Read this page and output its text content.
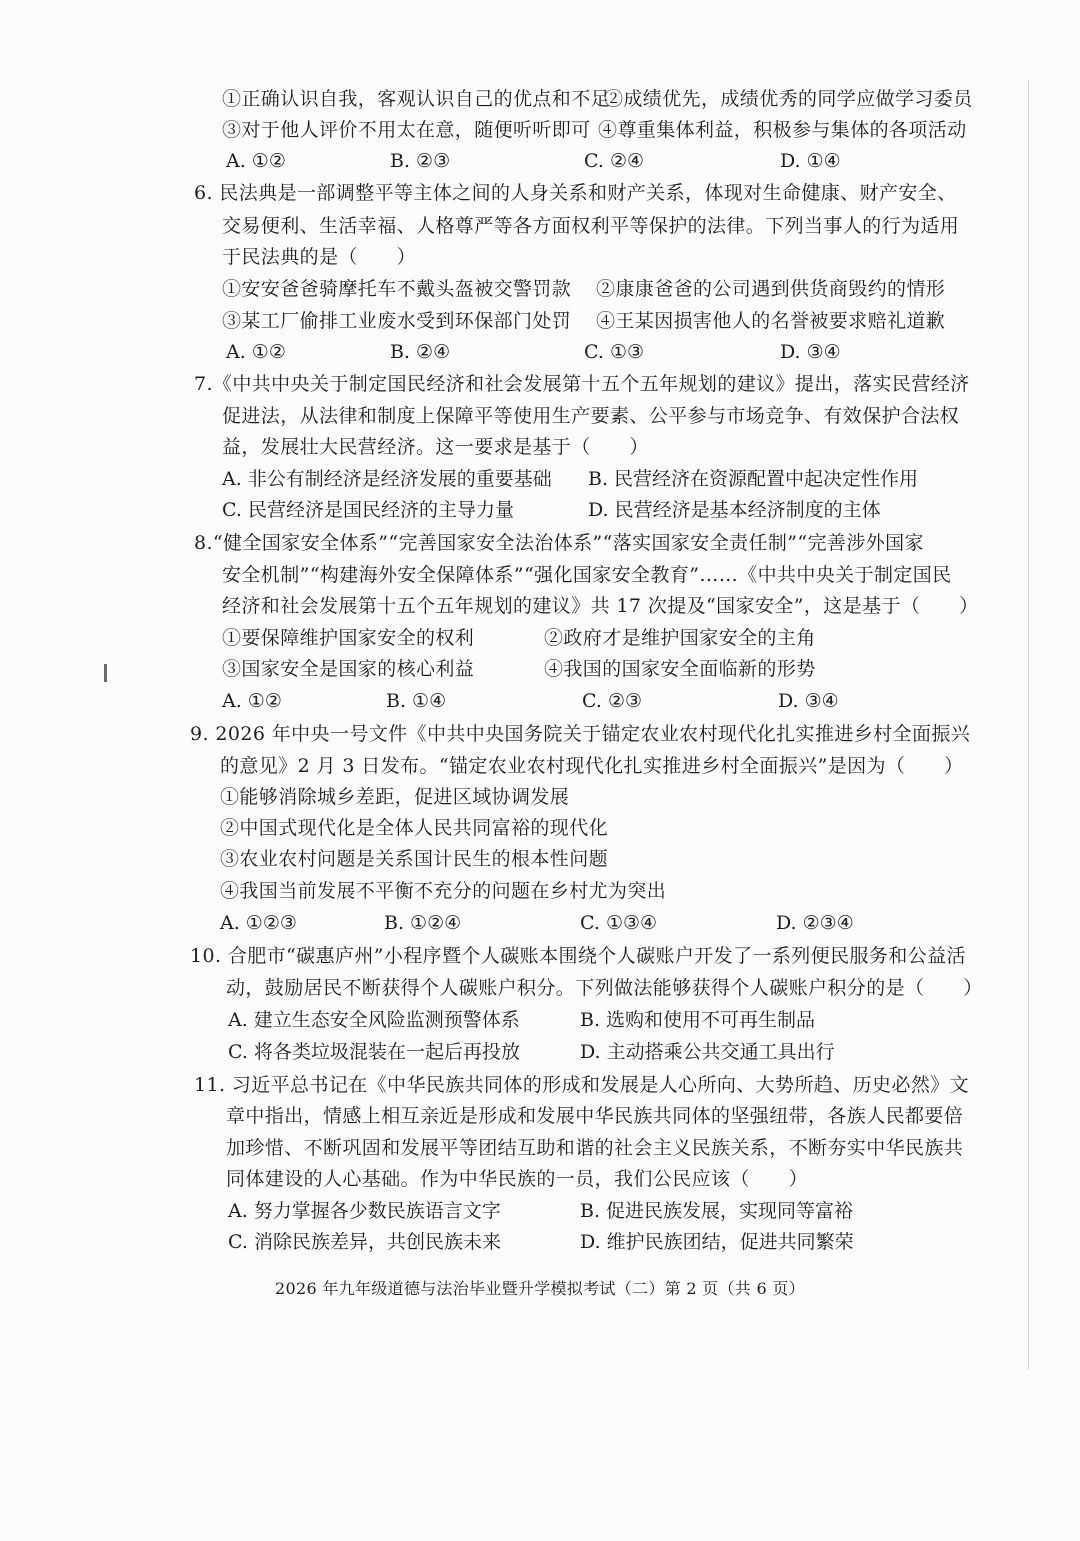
①正确认识自我，客观认识自己的优点和不足
②成绩优先，成绩优秀的同学应做学习委员
③对于他人评价不用太在意，随便听听即可 ④尊重集体利益，积极参与集体的各项活动
A. ①②	B. ②③	C. ②④	D. ①④
6. 民法典是一部调整平等主体之间的人身关系和财产关系，体现对生命健康、财产安全、
交易便利、生活幸福、人格尊严等各方面权利平等保护的法律。下列当事人的行为适用
于民法典的是（　　）
①安安爸爸骑摩托车不戴头盔被交警罚款 ②康康爸爸的公司遇到供货商毁约的情形
③某工厂偷排工业废水受到环保部门处罚 ④王某因损害他人的名誉被要求赔礼道歉
A. ①②	B. ②④	C. ①③	D. ③④
7.《中共中央关于制定国民经济和社会发展第十五个五年规划的建议》提出，落实民营经济
促进法，从法律和制度上保障平等使用生产要素、公平参与市场竞争、有效保护合法权
益，发展壮大民营经济。这一要求是基于（　　）
A. 非公有制经济是经济发展的重要基础 B. 民营经济在资源配置中起决定性作用
C. 民营经济是国民经济的主导力量	D. 民营经济是基本经济制度的主体
8.“健全国家安全体系”“完善国家安全法治体系”“落实国家安全责任制”“完善涉外国家
安全机制”“构建海外安全保障体系”“强化国家安全教育”……《中共中央关于制定国民
经济和社会发展第十五个五年规划的建议》共 17 次提及“国家安全”，这是基于（　　）
①要保障维护国家安全的权利	②政府才是维护国家安全的主角
③国家安全是国家的核心利益	④我国的国家安全面临新的形势
A. ①②	B. ①④	C. ②③	D. ③④
9. 2026 年中央一号文件《中共中央国务院关于锚定农业农村现代化扎实推进乡村全面振兴
的意见》2 月 3 日发布。“锚定农业农村现代化扎实推进乡村全面振兴”是因为（　　）
①能够消除城乡差距，促进区域协调发展
②中国式现代化是全体人民共同富裕的现代化
③农业农村问题是关系国计民生的根本性问题
④我国当前发展不平衡不充分的问题在乡村尤为突出
A. ①②③	B. ①②④	C. ①③④	D. ②③④
10. 合肥市“碳惠庐州”小程序暨个人碳账本围绕个人碳账户开发了一系列便民服务和公益活
动，鼓励居民不断获得个人碳账户积分。下列做法能够获得个人碳账户积分的是（　　）
A. 建立生态安全风险监测预警体系	B. 选购和使用不可再生制品
C. 将各类垃圾混装在一起后再投放	D. 主动搭乘公共交通工具出行
11. 习近平总书记在《中华民族共同体的形成和发展是人心所向、大势所趋、历史必然》文
章中指出，情感上相互亲近是形成和发展中华民族共同体的坚强纽带，各族人民都要倍
加珍惜、不断巩固和发展平等团结互助和谐的社会主义民族关系，不断夯实中华民族共
同体建设的人心基础。作为中华民族的一员，我们公民应该（　　）
A. 努力掌握各少数民族语言文字	B. 促进民族发展，实现同等富裕
C. 消除民族差异，共创民族未来	D. 维护民族团结，促进共同繁荣
2026 年九年级道德与法治毕业暨升学模拟考试（二）第 2 页（共 6 页）
